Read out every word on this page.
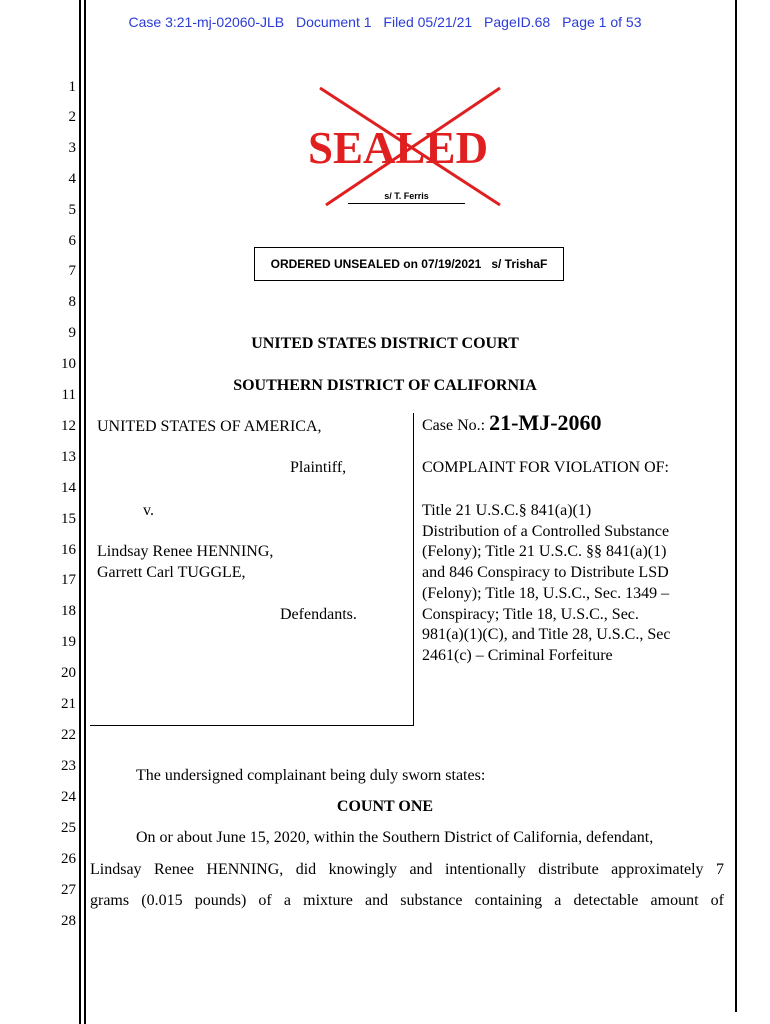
Case 3:21-mj-02060-JLB Document 1 Filed 05/21/21 PageID.68 Page 1 of 53
1
2
3
4
5
6
7
8
9
10
11
12
13
14
15
16
17
18
19
20
21
22
23
24
25
26
27
28
SEALED
s/ T. Ferris
ORDERED UNSEALED on 07/19/2021   s/ TrishaF
UNITED STATES DISTRICT COURT
SOUTHERN DISTRICT OF CALIFORNIA
UNITED STATES OF AMERICA,
Plaintiff,
v.
Lindsay Renee HENNING,
Garrett Carl TUGGLE,
Defendants.
Case No.: 21-MJ-2060
COMPLAINT FOR VIOLATION OF:
Title 21 U.S.C.§ 841(a)(1)
Distribution of a Controlled Substance
(Felony); Title 21 U.S.C. §§ 841(a)(1)
and 846 Conspiracy to Distribute LSD
(Felony); Title 18, U.S.C., Sec. 1349 –
Conspiracy; Title 18, U.S.C., Sec.
981(a)(1)(C), and Title 28, U.S.C., Sec
2461(c) – Criminal Forfeiture
The undersigned complainant being duly sworn states:
COUNT ONE
On or about June 15, 2020, within the Southern District of California, defendant,
Lindsay Renee HENNING, did knowingly and intentionally distribute approximately 7
grams (0.015 pounds) of a mixture and substance containing a detectable amount of
